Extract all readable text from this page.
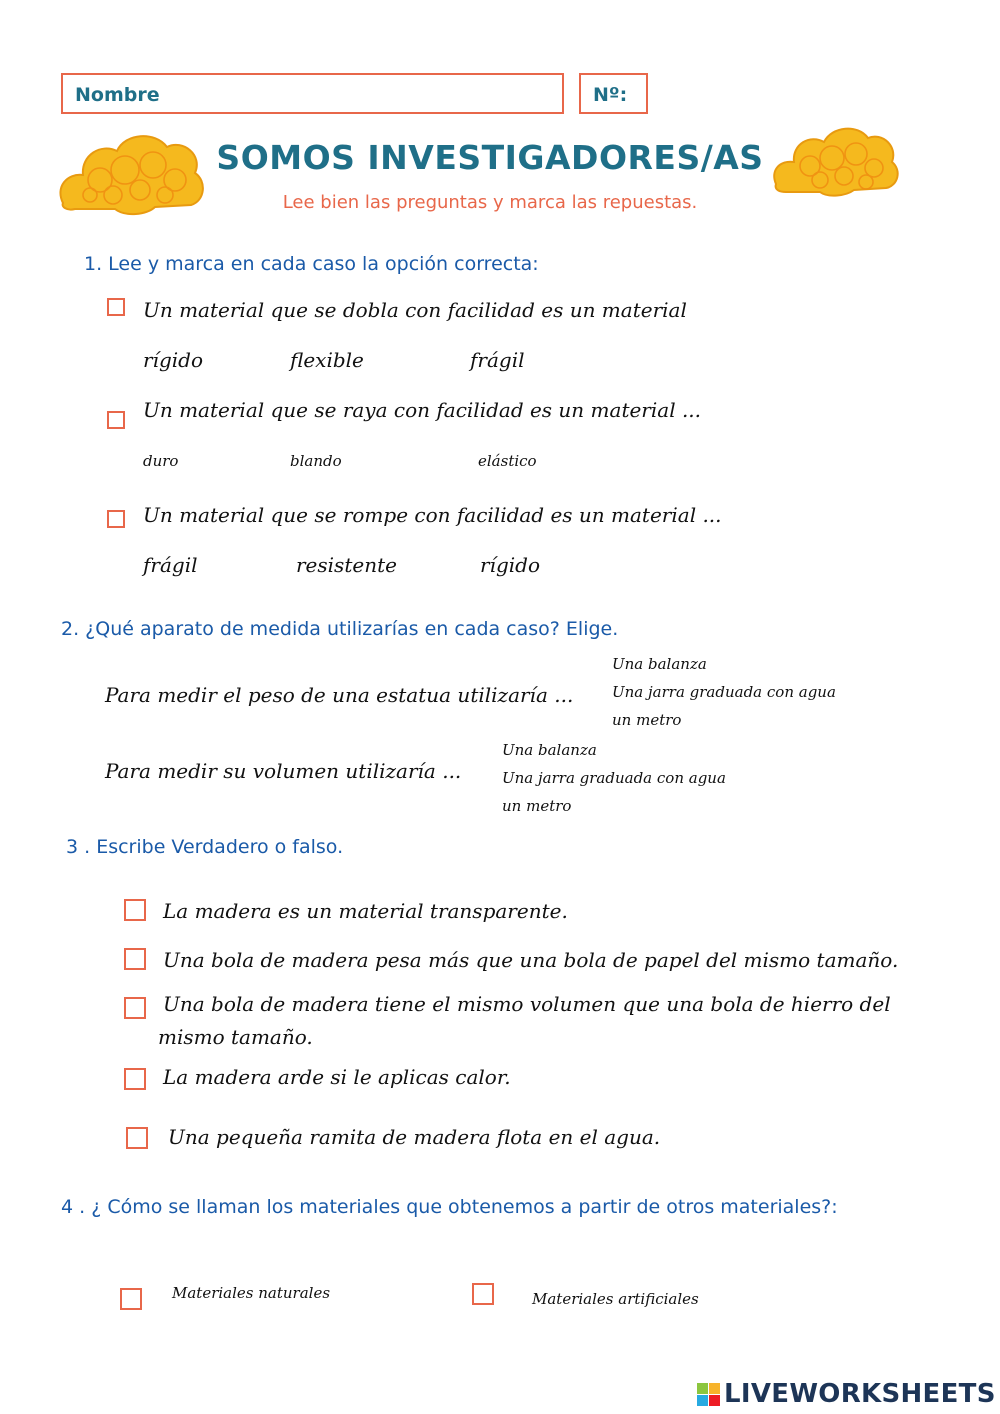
Nombre	Nº:
SOMOS INVESTIGADORES/AS
Lee bien las preguntas y marca las repuestas.
1. Lee y marca en cada caso la opción correcta:
Un material que se dobla con facilidad es un material
rígido	flexible	frágil
Un material que se raya con facilidad es un material ...
duro	blando	elástico
Un material que se rompe con facilidad es un material ...
frágil	resistente	rígido
2. ¿Qué aparato de medida utilizarías en cada caso? Elige.
Para medir el peso de una estatua utilizaría ...
Una balanza
Una jarra graduada con agua
un metro
Para medir su volumen utilizaría ...
Una balanza
Una jarra graduada con agua
un metro
3 . Escribe Verdadero o falso.
La madera es un material transparente.
Una bola de madera pesa más que una bola de papel del mismo tamaño.
Una bola de madera tiene el mismo volumen que una bola de hierro del
mismo tamaño.
La madera arde si le aplicas calor.
Una pequeña ramita de madera flota en el agua.
4 . ¿ Cómo se llaman los materiales que obtenemos a partir de otros materiales?:
Materiales naturales	Materiales artificiales
LIVEWORKSHEETS
